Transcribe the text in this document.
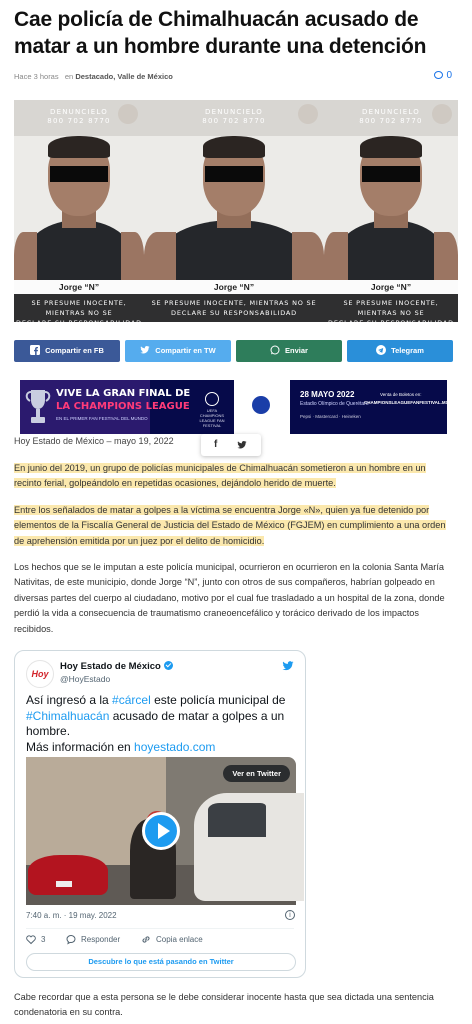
Cae policía de Chimalhuacán acusado de matar a un hombre durante una detención
Hace 3 horas en Destacado, Valle de México	0
DENUNCIELO
800 702 8770
Jorge “N”
SE PRESUME INOCENTE, MIENTRAS NO SE
DECLARE SU RESPONSABILIDAD
DENUNCIELO
800 702 8770
Jorge “N”
SE PRESUME INOCENTE, MIENTRAS NO SE
DECLARE SU RESPONSABILIDAD
DENUNCIELO
800 702 8770
Jorge “N”
SE PRESUME INOCENTE, MIENTRAS NO SE
DECLARE SU RESPONSABILIDAD
Compartir en FB	Compartir en TW	Enviar	Telegram
VIVE LA GRAN FINAL DE
LA CHAMPIONS LEAGUE
EN EL PRIMER FAN FESTIVAL DEL MUNDO
UEFA CHAMPIONS LEAGUE FAN FESTIVAL
28 MAYO 2022
Estadio Olímpico de Querétaro
Pepsi · Mastercard · Heineken
Venta de Boletos en:
CHAMPIONSLEAGUEFANFESTIVAL.MX
Hoy Estado de México – mayo 19, 2022	f

En junio del 2019, un grupo de policías municipales de Chimalhuacán sometieron a un hombre en un recinto ferial, golpeándolo en repetidas ocasiones, dejándolo herido de muerte.

Entre los señalados de matar a golpes a la víctima se encuentra Jorge «N», quien ya fue detenido por elementos de la Fiscalía General de Justicia del Estado de México (FGJEM) en cumplimiento a una orden de aprehensión emitida por un juez por el delito de homicidio.

Los hechos que se le imputan a este policía municipal, ocurrieron en ocurrieron en la colonia Santa María Nativitas, de este municipio, donde Jorge “N”, junto con otros de sus compañeros, habrían golpeado en diversas partes del cuerpo al ciudadano, motivo por el cual fue trasladado a un hospital de la zona, donde perdió la vida a consecuencia de traumatismo craneoencefálico y torácico derivado de los impactos recibidos.

Hoy
Hoy Estado de México
@HoyEstado
Así ingresó a la #cárcel este policía municipal de #Chimalhuacán acusado de matar a golpes a un hombre.
Más información en hoyestado.com
Ver en Twitter
7:40 a. m. · 19 may. 2022	i
3	Responder	Copia enlace
Descubre lo que está pasando en Twitter

Cabe recordar que a esta persona se le debe considerar inocente hasta que sea dictada una sentencia condenatoria en su contra.
